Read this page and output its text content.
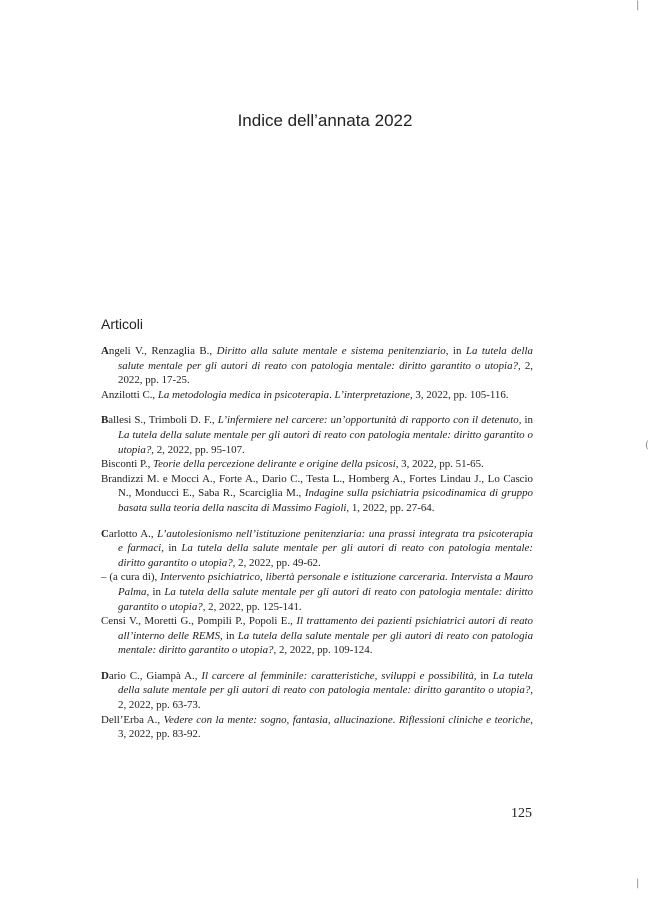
Indice dell’annata 2022
Articoli
Angeli V., Renzaglia B., Diritto alla salute mentale e sistema penitenziario, in La tutela della salute mentale per gli autori di reato con patologia mentale: diritto garantito o utopia?, 2, 2022, pp. 17-25.
Anzilotti C., La metodologia medica in psicoterapia. L’interpretazione, 3, 2022, pp. 105-116.
Ballesi S., Trimboli D. F., L’infermiere nel carcere: un’opportunità di rapporto con il detenuto, in La tutela della salute mentale per gli autori di reato con patologia mentale: diritto garantito o utopia?, 2, 2022, pp. 95-107.
Bisconti P., Teorie della percezione delirante e origine della psicosi, 3, 2022, pp. 51-65.
Brandizzi M. e Mocci A., Forte A., Dario C., Testa L., Homberg A., Fortes Lindau J., Lo Cascio N., Monducci E., Saba R., Scarciglia M., Indagine sulla psichiatria psicodinamica di gruppo basata sulla teoria della nascita di Massimo Fagioli, 1, 2022, pp. 27-64.
Carlotto A., L’autolesionismo nell’istituzione penitenziaria: una prassi integrata tra psicoterapia e farmaci, in La tutela della salute mentale per gli autori di reato con patologia mentale: diritto garantito o utopia?, 2, 2022, pp. 49-62.
– (a cura di), Intervento psichiatrico, libertà personale e istituzione carceraria. Intervista a Mauro Palma, in La tutela della salute mentale per gli autori di reato con patologia mentale: diritto garantito o utopia?, 2, 2022, pp. 125-141.
Censi V., Moretti G., Pompili P., Popoli E., Il trattamento dei pazienti psichiatrici autori di reato all’interno delle REMS, in La tutela della salute mentale per gli autori di reato con patologia mentale: diritto garantito o utopia?, 2, 2022, pp. 109-124.
Dario C., Giampà A., Il carcere al femminile: caratteristiche, sviluppi e possibilità, in La tutela della salute mentale per gli autori di reato con patologia mentale: diritto garantito o utopia?, 2, 2022, pp. 63-73.
Dell’Erba A., Vedere con la mente: sogno, fantasia, allucinazione. Riflessioni cliniche e teoriche, 3, 2022, pp. 83-92.
125
|
|
(
